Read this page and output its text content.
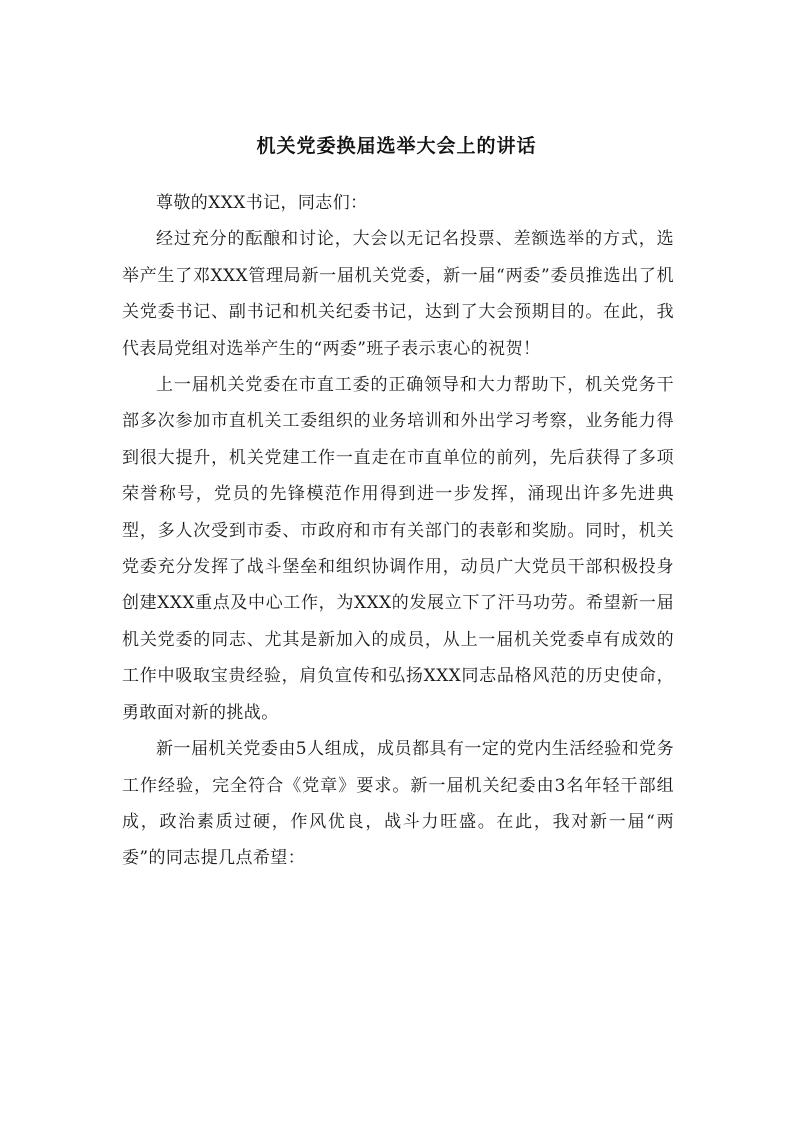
机关党委换届选举大会上的讲话

尊敬的XXX书记，同志们：

经过充分的酝酿和讨论，大会以无记名投票、差额选举的方式，选举产生了邓XXX管理局新一届机关党委，新一届“两委”委员推选出了机关党委书记、副书记和机关纪委书记，达到了大会预期目的。在此，我代表局党组对选举产生的“两委”班子表示衷心的祝贺！

上一届机关党委在市直工委的正确领导和大力帮助下，机关党务干部多次参加市直机关工委组织的业务培训和外出学习考察，业务能力得到很大提升，机关党建工作一直走在市直单位的前列，先后获得了多项荣誉称号，党员的先锋模范作用得到进一步发挥，涌现出许多先进典型，多人次受到市委、市政府和市有关部门的表彰和奖励。同时，机关党委充分发挥了战斗堡垒和组织协调作用，动员广大党员干部积极投身创建XXX重点及中心工作，为XXX的发展立下了汗马功劳。希望新一届机关党委的同志、尤其是新加入的成员，从上一届机关党委卓有成效的工作中吸取宝贵经验，肩负宣传和弘扬XXX同志品格风范的历史使命，勇敢面对新的挑战。

新一届机关党委由5人组成，成员都具有一定的党内生活经验和党务工作经验，完全符合《党章》要求。新一届机关纪委由3名年轻干部组成，政治素质过硬，作风优良，战斗力旺盛。在此，我对新一届“两委”的同志提几点希望：
